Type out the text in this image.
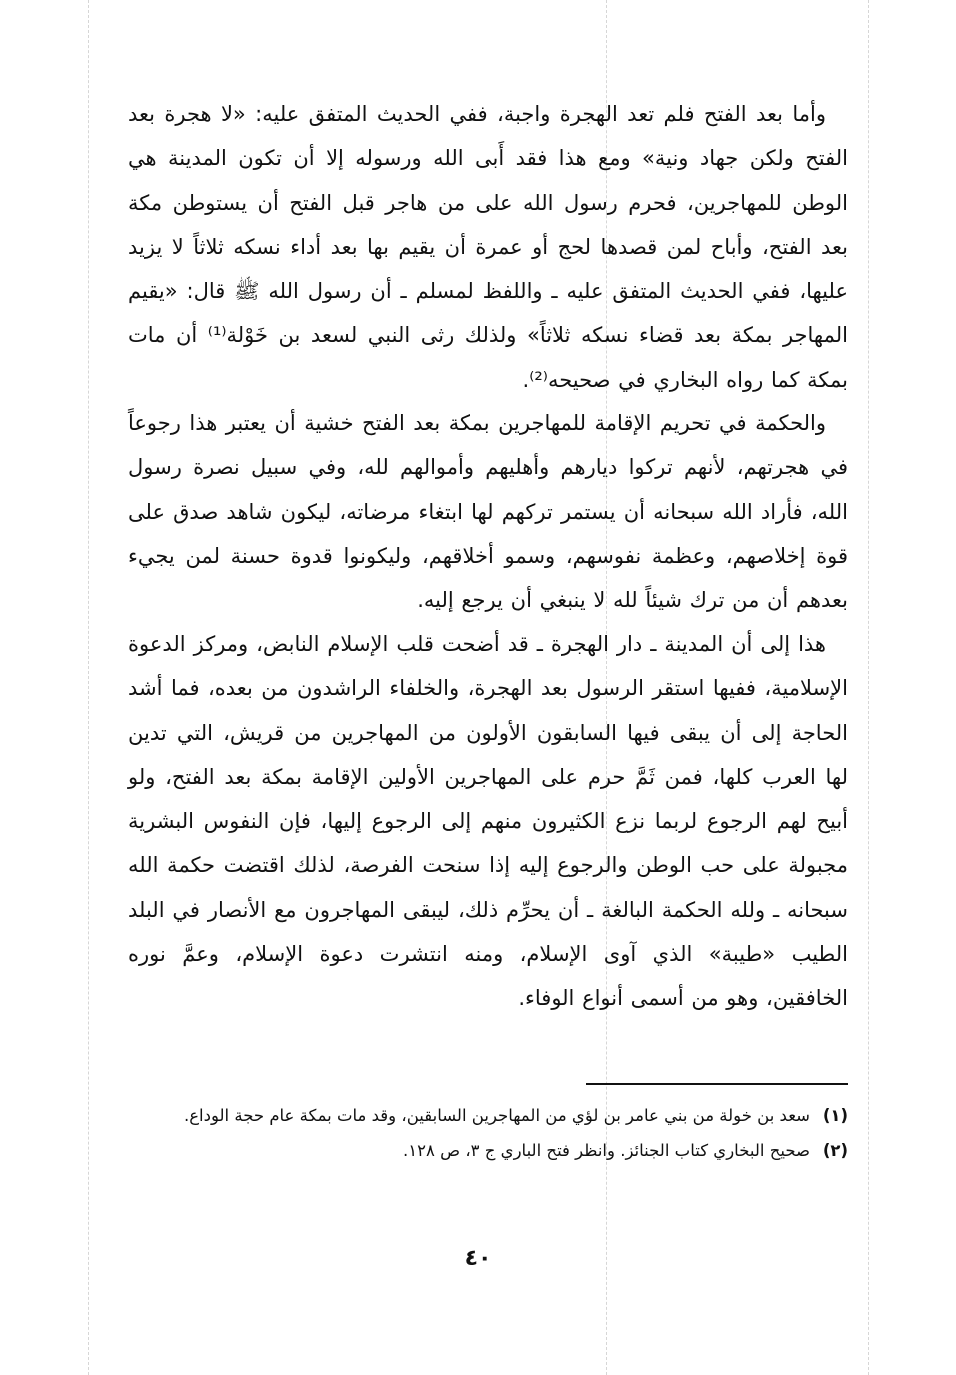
وأما بعد الفتح فلم تعد الهجرة واجبة، ففي الحديث المتفق عليه: «لا هجرة بعد الفتح ولكن جهاد ونية» ومع هذا فقد أَبى الله ورسوله إلا أن تكون المدينة هي الوطن للمهاجرين، فحرم رسول الله على من هاجر قبل الفتح أن يستوطن مكة بعد الفتح، وأباح لمن قصدها لحج أو عمرة أن يقيم بها بعد أداء نسكه ثلاثاً لا يزيد عليها، ففي الحديث المتفق عليه ـ واللفظ لمسلم ـ أن رسول الله ﷺ قال: «يقيم المهاجر بمكة بعد قضاء نسكه ثلاثاً» ولذلك رثى النبي لسعد بن خَوْلة⁽¹⁾ أن مات بمكة كما رواه البخاري في صحيحه⁽²⁾.

والحكمة في تحريم الإقامة للمهاجرين بمكة بعد الفتح خشية أن يعتبر هذا رجوعاً في هجرتهم، لأنهم تركوا ديارهم وأهليهم وأموالهم لله، وفي سبيل نصرة رسول الله، فأراد الله سبحانه أن يستمر تركهم لها ابتغاء مرضاته، ليكون شاهد صدق على قوة إخلاصهم، وعظمة نفوسهم، وسمو أخلاقهم، وليكونوا قدوة حسنة لمن يجيء بعدهم أن من ترك شيئاً لله لا ينبغي أن يرجع إليه.

هذا إلى أن المدينة ـ دار الهجرة ـ قد أضحت قلب الإسلام النابض، ومركز الدعوة الإسلامية، ففيها استقر الرسول بعد الهجرة، والخلفاء الراشدون من بعده، فما أشد الحاجة إلى أن يبقى فيها السابقون الأولون من المهاجرين من قريش، التي تدين لها العرب كلها، فمن ثَمَّ حرم على المهاجرين الأولين الإقامة بمكة بعد الفتح، ولو أبيح لهم الرجوع لربما نزع الكثيرون منهم إلى الرجوع إليها، فإن النفوس البشرية مجبولة على حب الوطن والرجوع إليه إذا سنحت الفرصة، لذلك اقتضت حكمة الله سبحانه ـ ولله الحكمة البالغة ـ أن يحرِّم ذلك، ليبقى المهاجرون مع الأنصار في البلد الطيب «طيبة» الذي آوى الإسلام، ومنه انتشرت دعوة الإسلام، وعمَّ نوره الخافقين، وهو من أسمى أنواع الوفاء.

(١)
سعد بن خولة من بني عامر بن لؤي من المهاجرين السابقين، وقد مات بمكة عام حجة الوداع.

(٢)
صحيح البخاري كتاب الجنائز. وانظر فتح الباري ج ٣، ص ١٢٨.

٤٠
